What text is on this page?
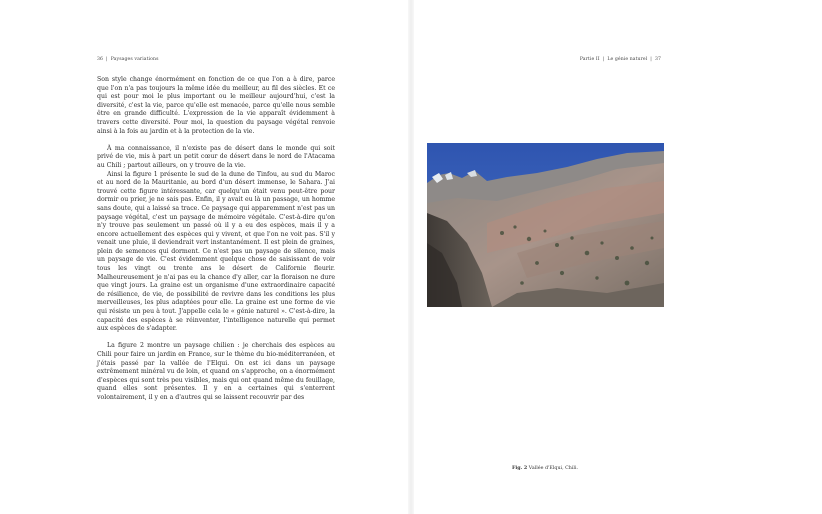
36 | Paysages variations

Son style change énormément en fonction de ce que l'on a à dire, parce que l'on n'a pas toujours la même idée du meilleur, au fil des siècles. Et ce qui est pour moi le plus important ou le meilleur aujourd'hui, c'est la diversité, c'est la vie, parce qu'elle est menacée, parce qu'elle nous semble être en grande difficulté. L'expression de la vie apparaît évidemment à travers cette diversité. Pour moi, la question du paysage végétal renvoie ainsi à la fois au jardin et à la protection de la vie.

À ma connaissance, il n'existe pas de désert dans le monde qui soit privé de vie, mis à part un petit cœur de désert dans le nord de l'Atacama au Chili ; partout ailleurs, on y trouve de la vie.

Ainsi la figure 1 présente le sud de la dune de Tinfou, au sud du Maroc et au nord de la Mauritanie, au bord d'un désert immense, le Sahara. J'ai trouvé cette figure intéressante, car quelqu'un était venu peut-être pour dormir ou prier, je ne sais pas. Enfin, il y avait eu là un passage, un homme sans doute, qui a laissé sa trace. Ce paysage qui apparemment n'est pas un paysage végétal, c'est un paysage de mémoire végétale. C'est-à-dire qu'on n'y trouve pas seulement un passé où il y a eu des espèces, mais il y a encore actuellement des espèces qui y vivent, et que l'on ne voit pas. S'il y venait une pluie, il deviendrait vert instantanément. Il est plein de graines, plein de semences qui dorment. Ce n'est pas un paysage de silence, mais un paysage de vie. C'est évidemment quelque chose de saisissant de voir tous les vingt ou trente ans le désert de Californie fleurir. Malheureusement je n'ai pas eu la chance d'y aller, car la floraison ne dure que vingt jours. La graine est un organisme d'une extraordinaire capacité de résilience, de vie, de possibilité de revivre dans les conditions les plus merveilleuses, les plus adaptées pour elle. La graine est une forme de vie qui résiste un peu à tout. J'appelle cela le « génie naturel ». C'est-à-dire, la capacité des espèces à se réinventer, l'intelligence naturelle qui permet aux espèces de s'adapter.

La figure 2 montre un paysage chilien : je cherchais des espèces au Chili pour faire un jardin en France, sur le thème du bio-méditerranéen, et j'étais passé par la vallée de l'Elqui. On est ici dans un paysage extrêmement minéral vu de loin, et quand on s'approche, on a énormément d'espèces qui sont très peu visibles, mais qui ont quand même du feuillage, quand elles sont présentes. Il y en a certaines qui s'enterrent volontairement, il y en a d'autres qui se laissent recouvrir par des

Partie II | Le génie naturel | 37
Fig. 2 Vallée d'Elqui, Chili.
